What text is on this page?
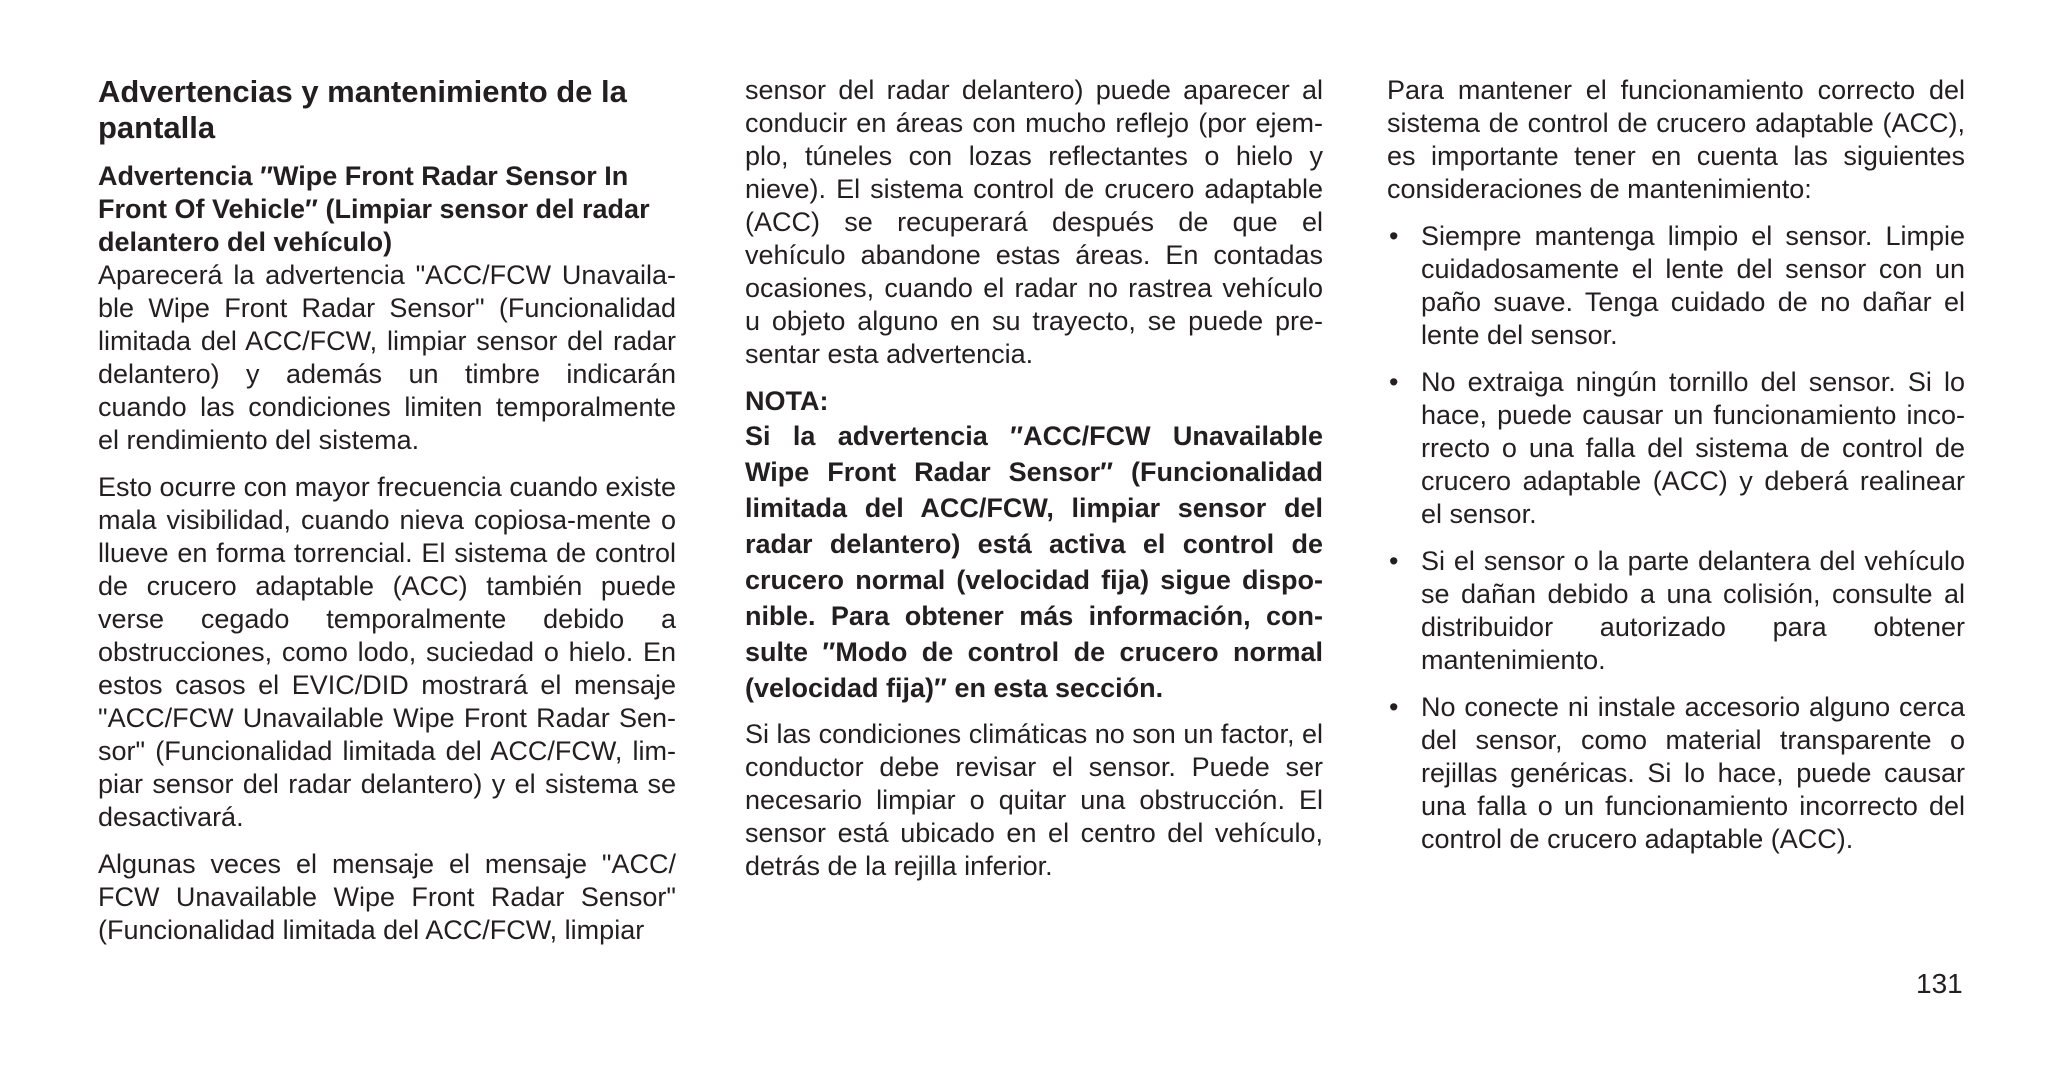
Advertencias y mantenimiento de la pantalla
Advertencia ″Wipe Front Radar Sensor In Front Of Vehicle″ (Limpiar sensor del radar delantero del vehículo)

Aparecerá la advertencia "ACC/FCW Unavaila-ble Wipe Front Radar Sensor" (Funcionalidad limitada del ACC/FCW, limpiar sensor del radar delantero) y además un timbre indicarán cuando las condiciones limiten temporalmente el rendimiento del sistema.

Esto ocurre con mayor frecuencia cuando existe mala visibilidad, cuando nieva copiosa-mente o llueve en forma torrencial. El sistema de control de crucero adaptable (ACC) también puede verse cegado temporalmente debido a obstrucciones, como lodo, suciedad o hielo. En estos casos el EVIC/DID mostrará el mensaje "ACC/FCW Unavailable Wipe Front Radar Sen-sor" (Funcionalidad limitada del ACC/FCW, lim-piar sensor del radar delantero) y el sistema se desactivará.

Algunas veces el mensaje el mensaje "ACC/ FCW Unavailable Wipe Front Radar Sensor" (Funcionalidad limitada del ACC/FCW, limpiar

sensor del radar delantero) puede aparecer al conducir en áreas con mucho reflejo (por ejem-plo, túneles con lozas reflectantes o hielo y nieve). El sistema control de crucero adaptable (ACC) se recuperará después de que el vehículo abandone estas áreas. En contadas ocasiones, cuando el radar no rastrea vehículo u objeto alguno en su trayecto, se puede pre-sentar esta advertencia.

NOTA:
Si la advertencia ″ACC/FCW Unavailable Wipe Front Radar Sensor″ (Funcionalidad limitada del ACC/FCW, limpiar sensor del radar delantero) está activa el control de crucero normal (velocidad fija) sigue dispo-nible. Para obtener más información, con-sulte ″Modo de control de crucero normal (velocidad fija)″ en esta sección.

Si las condiciones climáticas no son un factor, el conductor debe revisar el sensor. Puede ser necesario limpiar o quitar una obstrucción. El sensor está ubicado en el centro del vehículo, detrás de la rejilla inferior.

Para mantener el funcionamiento correcto del sistema de control de crucero adaptable (ACC), es importante tener en cuenta las siguientes consideraciones de mantenimiento:

• Siempre mantenga limpio el sensor. Limpie cuidadosamente el lente del sensor con un paño suave. Tenga cuidado de no dañar el lente del sensor.
• No extraiga ningún tornillo del sensor. Si lo hace, puede causar un funcionamiento inco-rrecto o una falla del sistema de control de crucero adaptable (ACC) y deberá realinear el sensor.
• Si el sensor o la parte delantera del vehículo se dañan debido a una colisión, consulte al distribuidor autorizado para obtener mantenimiento.
• No conecte ni instale accesorio alguno cerca del sensor, como material transparente o rejillas genéricas. Si lo hace, puede causar una falla o un funcionamiento incorrecto del control de crucero adaptable (ACC).
131
